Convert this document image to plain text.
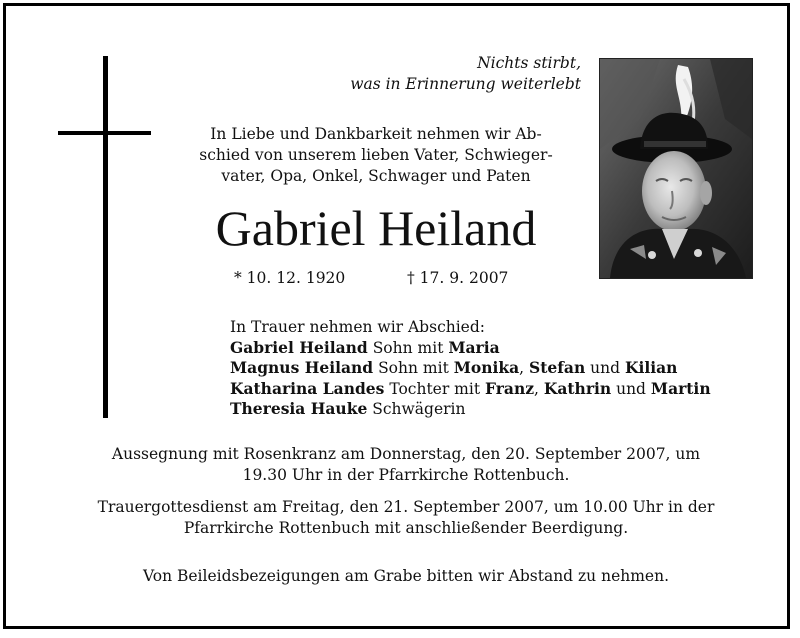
Nichts stirbt,
was in Erinnerung weiterlebt
In Liebe und Dankbarkeit nehmen wir Ab-
schied von unserem lieben Vater, Schwieger-
vater, Opa, Onkel, Schwager und Paten
Gabriel Heiland
* 10. 12. 1920	† 17. 9. 2007
In Trauer nehmen wir Abschied:
Gabriel Heiland Sohn mit Maria
Magnus Heiland Sohn mit Monika, Stefan und Kilian
Katharina Landes Tochter mit Franz, Kathrin und Martin
Theresia Hauke Schwägerin
Aussegnung mit Rosenkranz am Donnerstag, den 20. September 2007, um
19.30 Uhr in der Pfarrkirche Rottenbuch.
Trauergottesdienst am Freitag, den 21. September 2007, um 10.00 Uhr in der
Pfarrkirche Rottenbuch mit anschließender Beerdigung.
Von Beileidsbezeigungen am Grabe bitten wir Abstand zu nehmen.
